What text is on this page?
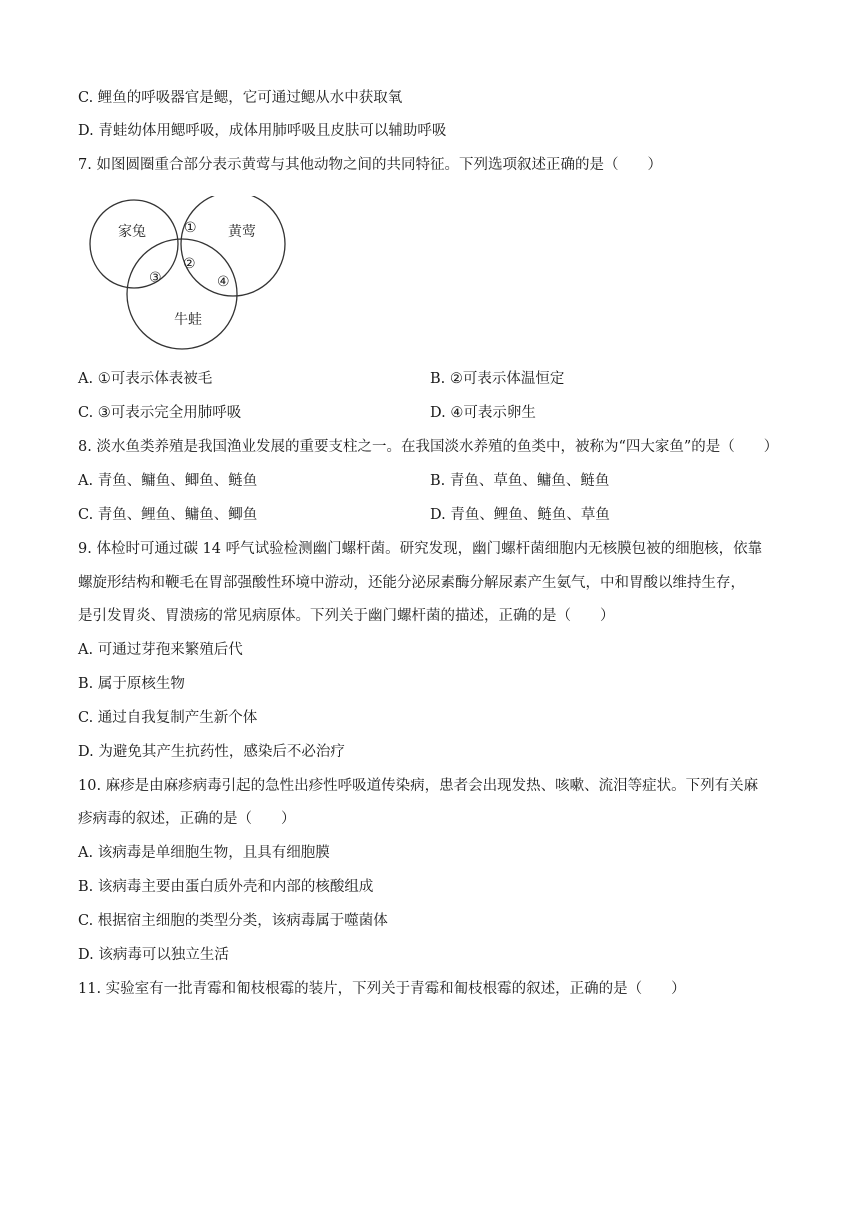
C. 鲤鱼的呼吸器官是鳃，它可通过鳃从水中获取氧
D. 青蛙幼体用鳃呼吸，成体用肺呼吸且皮肤可以辅助呼吸
7. 如图圆圈重合部分表示黄莺与其他动物之间的共同特征。下列选项叙述正确的是（　　）
家兔	黄莺
牛蛙
①
②
③	④
A. ①可表示体表被毛	B. ②可表示体温恒定
C. ③可表示完全用肺呼吸	D. ④可表示卵生
8. 淡水鱼类养殖是我国渔业发展的重要支柱之一。在我国淡水养殖的鱼类中，被称为“四大家鱼”的是（　　）
A. 青鱼、鳙鱼、鲫鱼、鲢鱼	B. 青鱼、草鱼、鳙鱼、鲢鱼
C. 青鱼、鲤鱼、鳙鱼、鲫鱼	D. 青鱼、鲤鱼、鲢鱼、草鱼
9. 体检时可通过碳 14 呼气试验检测幽门螺杆菌。研究发现，幽门螺杆菌细胞内无核膜包被的细胞核，依靠
螺旋形结构和鞭毛在胃部强酸性环境中游动，还能分泌尿素酶分解尿素产生氨气，中和胃酸以维持生存，
是引发胃炎、胃溃疡的常见病原体。下列关于幽门螺杆菌的描述，正确的是（　　）
A. 可通过芽孢来繁殖后代
B. 属于原核生物
C. 通过自我复制产生新个体
D. 为避免其产生抗药性，感染后不必治疗
10. 麻疹是由麻疹病毒引起的急性出疹性呼吸道传染病，患者会出现发热、咳嗽、流泪等症状。下列有关麻
疹病毒的叙述，正确的是（　　）
A. 该病毒是单细胞生物，且具有细胞膜
B. 该病毒主要由蛋白质外壳和内部的核酸组成
C. 根据宿主细胞的类型分类，该病毒属于噬菌体
D. 该病毒可以独立生活
11. 实验室有一批青霉和匍枝根霉的装片，下列关于青霉和匍枝根霉的叙述，正确的是（　　）
